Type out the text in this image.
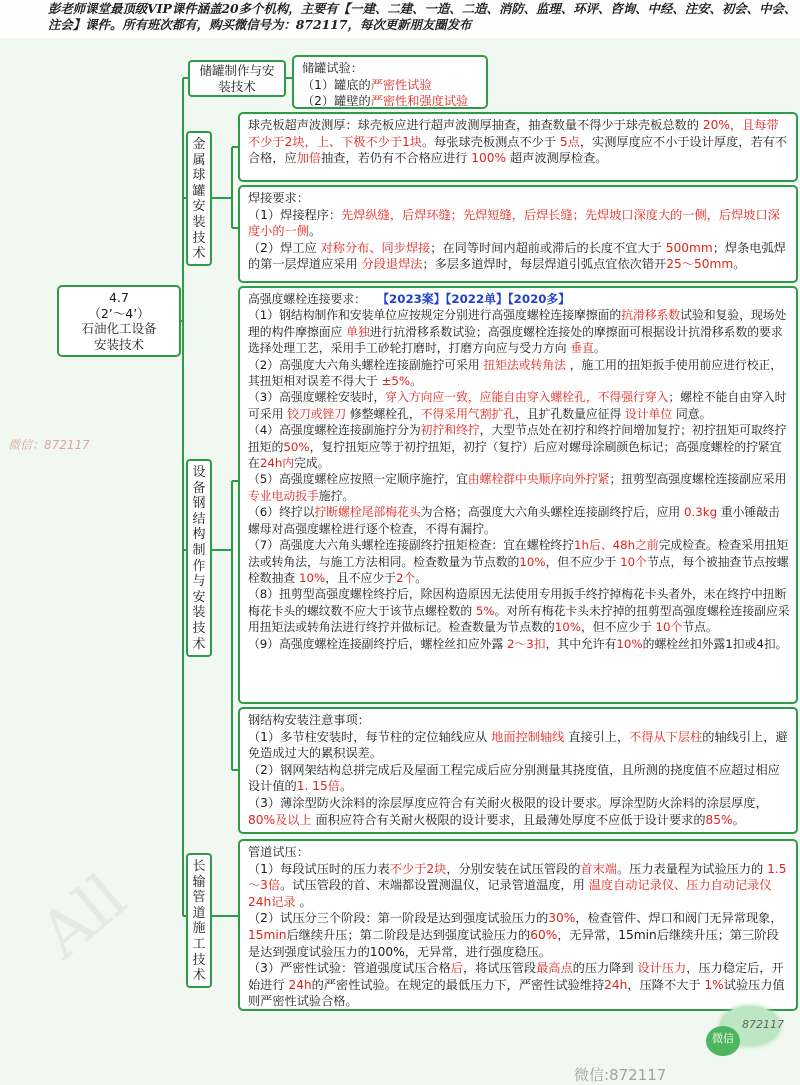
彭老师课堂最顶级VIP课件涵盖20多个机构，主要有【一建、二建、一造、二造、消防、监理、环评、咨询、中经、注安、初会、中会、注会】课件。所有班次都有，购买微信号为：872117，每次更新朋友圈发布
All
微信：872117
4.7
（2’～4’）
石油化工设备
安装技术
储罐制作与安装技术
金
属
球
罐
安
装
技
术
设
备
钢
结
构
制
作
与
安
装
技
术
长
输
管
道
施
工
技
术

储罐试验：

（1）罐底的严密性试验

（2）罐壁的严密性和强度试验

球壳板超声波测厚：球壳板应进行超声波测厚抽查，抽查数量不得少于球壳板总数的 20%，且每带不少于2块，上、下极不少于1块。每张球壳板测点不少于 5点，实测厚度应不小于设计厚度，若有不合格，应加倍抽查，若仍有不合格应进行 100% 超声波测厚检查。

焊接要求：

（1）焊接程序：先焊纵缝，后焊环缝；先焊短缝，后焊长缝；先焊坡口深度大的一侧，后焊坡口深度小的一侧。

（2）焊工应 对称分布、同步焊接；在同等时间内超前或滞后的长度不宜大于 500mm；焊条电弧焊的第一层焊道应采用 分段退焊法；多层多道焊时，每层焊道引弧点宜依次错开25～50mm。

高强度螺栓连接要求： 【2023案】【2022单】【2020多】

（1）钢结构制作和安装单位应按规定分别进行高强度螺栓连接摩擦面的抗滑移系数试验和复验，现场处理的构件摩擦面应 单独进行抗滑移系数试验；高强度螺栓连接处的摩擦面可根据设计抗滑移系数的要求选择处理工艺，采用手工砂轮打磨时，打磨方向应与受力方向 垂直。

（2）高强度大六角头螺栓连接副施拧可采用 扭矩法或转角法 ，施工用的扭矩扳手使用前应进行校正，其扭矩相对误差不得大于 ±5%。

（3）高强度螺栓安装时，穿入方向应一致，应能自由穿入螺栓孔，不得强行穿入；螺栓不能自由穿入时可采用 铰刀或锉刀 修整螺栓孔，不得采用气割扩孔，且扩孔数量应征得 设计单位 同意。

（4）高强度螺栓连接副施拧分为初拧和终拧，大型节点处在初拧和终拧间增加复拧；初拧扭矩可取终拧扭矩的50%，复拧扭矩应等于初拧扭矩，初拧（复拧）后应对螺母涂刷颜色标记；高强度螺栓的拧紧宜在24h内完成。

（5）高强度螺栓应按照一定顺序施拧，宜由螺栓群中央顺序向外拧紧；扭剪型高强度螺栓连接副应采用专业电动扳手施拧。

（6）终拧以拧断螺栓尾部梅花头为合格；高强度大六角头螺栓连接副终拧后，应用 0.3kg 重小锤敲击螺母对高强度螺栓进行逐个检查，不得有漏拧。

（7）高强度大六角头螺栓连接副终拧扭矩检查：宜在螺栓终拧1h后、48h之前完成检查。检查采用扭矩法或转角法，与施工方法相同。检查数量为节点数的10%，但不应少于 10个节点，每个被抽查节点按螺栓数抽查 10%，且不应少于2个。

（8）扭剪型高强度螺栓终拧后，除因构造原因无法使用专用扳手终拧掉梅花卡头者外，未在终拧中扭断梅花卡头的螺纹数不应大于该节点螺栓数的 5%。对所有梅花卡头未拧掉的扭剪型高强度螺栓连接副应采用扭矩法或转角法进行终拧并做标记。检查数量为节点数的10%，但不应少于 10个节点。

（9）高强度螺栓连接副终拧后，螺栓丝扣应外露 2～3扣，其中允许有10%的螺栓丝扣外露1扣或4扣。

钢结构安装注意事项：

（1）多节柱安装时，每节柱的定位轴线应从 地面控制轴线 直接引上，不得从下层柱的轴线引上，避免造成过大的累积误差。

（2）钢网架结构总拼完成后及屋面工程完成后应分别测量其挠度值，且所测的挠度值不应超过相应设计值的1. 15倍。

（3）薄涂型防火涂料的涂层厚度应符合有关耐火极限的设计要求。厚涂型防火涂料的涂层厚度，80%及以上 面积应符合有关耐火极限的设计要求，且最薄处厚度不应低于设计要求的85%。

管道试压：

（1）每段试压时的压力表不少于2块，分别安装在试压管段的首末端。压力表量程为试验压力的 1.5～3倍。试压管段的首、末端都设置测温仪，记录管道温度，用 温度自动记录仪、压力自动记录仪24h记录 。

（2）试压分三个阶段：第一阶段是达到强度试验压力的30%，检查管件、焊口和阀门无异常现象，15min后继续升压；第二阶段是达到强度试验压力的60%，无异常，15min后继续升压；第三阶段是达到强度试验压力的100%，无异常，进行强度稳压。

（3）严密性试验：管道强度试压合格后，将试压管段最高点的压力降到 设计压力，压力稳定后，开始进行 24h的严密性试验。在规定的最低压力下，严密性试验维持24h，压降不大于 1%试验压力值则严密性试验合格。

微信
872117
微信:872117
